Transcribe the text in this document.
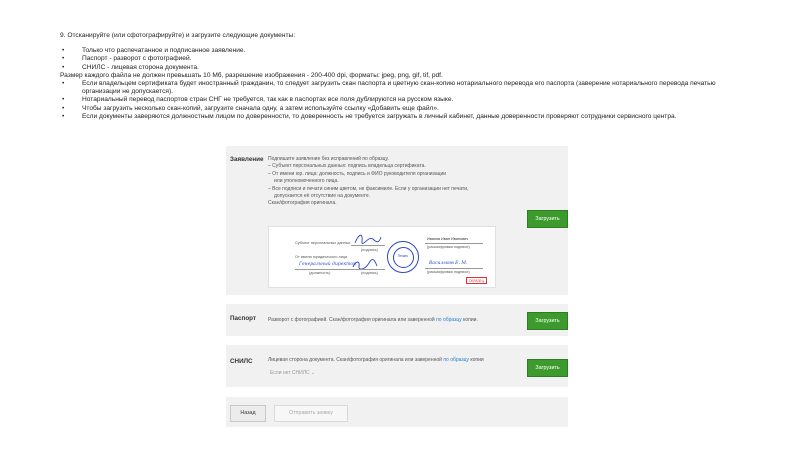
9. Отсканируйте (или сфотографируйте) и загрузите следующие документы:
• Только что распечатанное и подписанное заявление.
• Паспорт - разворот с фотографией.
• СНИЛС - лицевая сторона документа.
Размер каждого файла не должен превышать 10 Мб, разрешение изображения - 200-400 dpi, форматы: jpeg, png, gif, tif, pdf.
• Если владельцем сертификата будет иностранный гражданин, то следует загрузить скан паспорта и цветную скан-копию нотариального перевода его паспорта (заверение нотариального перевода печатью организации не допускается).
• Нотариальный перевод паспортов стран СНГ не требуется, так как в паспортах все поля дублируются на русском языке.
• Чтобы загрузить несколько скан-копий, загрузите сначала одну, а затем используйте ссылку «Добавить еще файл».
• Если документы заверяются должностным лицом по доверенности, то доверенность не требуется загружать в личный кабинет, данные доверенности проверяют сотрудники сервисного центра.
Заявление Подпишите заявление без исправлений по образцу.
– Субъект персональных данных: подпись владельца сертификата.
– От имени юр. лица: должность, подпись и ФИО руководителя организации
или уполномоченного лица.
– Все подписи и печати синим цветом, не факсимиле. Если у организации нет печати,
допускается её отсутствие на документе.
Скан/фотография оригинала.
Загрузить
Субъект персональных данных
(подпись)
Иванов Иван Иванович
(расшифровка подписи)
От имени юридического лица
Генеральный директор
(должность)	(подпись)
Печать
Васильков Е. М.
(расшифровка подписи)
ОБРАЗЕЦ
Паспорт Разворот с фотографией. Скан/фотография оригинала или заверенной по образцу копии.	Загрузить
СНИЛС	Лицевая сторона документа. Скан/фотография оригинала или заверенной по образцу копии
Если нет СНИЛС ⌄
Загрузить
Назад	Отправить заявку
